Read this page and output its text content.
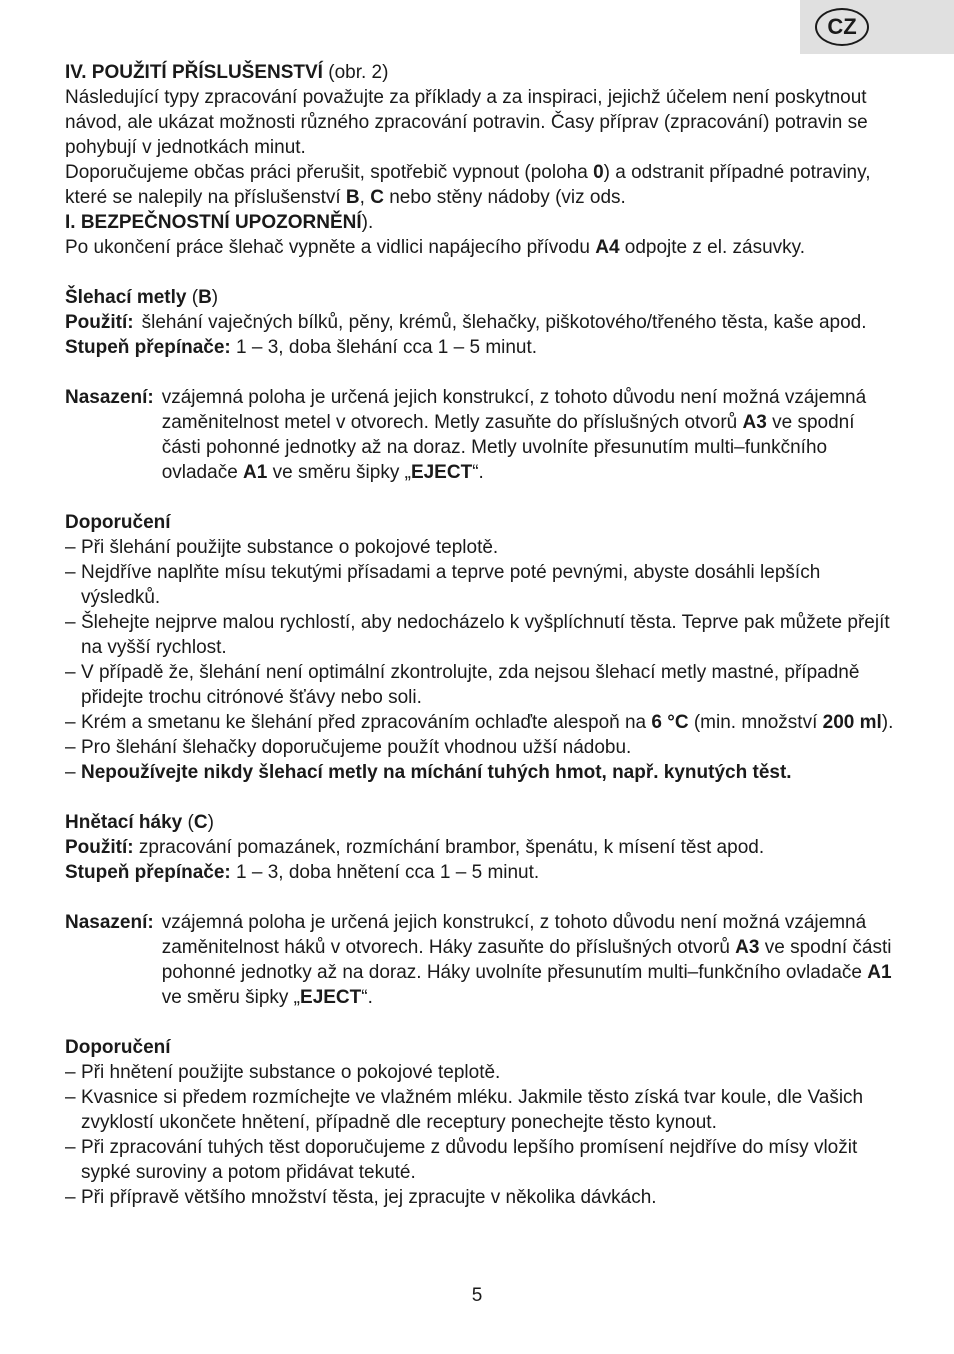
CZ

IV. POUŽITÍ PŘÍSLUŠENSTVÍ (obr. 2)

Následující typy zpracování považujte za příklady a za inspiraci, jejichž účelem není poskytnout návod, ale ukázat možnosti různého zpracování potravin. Časy příprav (zpracování) potravin se pohybují v jednotkách minut.

Doporučujeme občas práci přerušit, spotřebič vypnout (poloha 0) a odstranit případné potraviny, které se nalepily na příslušenství B, C nebo stěny nádoby (viz ods.
I. BEZPEČNOSTNÍ UPOZORNĚNÍ).

Po ukončení práce šlehač vypněte a vidlici napájecího přívodu A4 odpojte z el. zásuvky.

Šlehací metly (B)

Použití: šlehání vaječných bílků, pěny, krémů, šlehačky, piškotového/třeného těsta, kaše apod.

Stupeň přepínače: 1 – 3, doba šlehání cca 1 – 5 minut.

Nasazení: vzájemná poloha je určená jejich konstrukcí, z tohoto důvodu není možná vzájemná zaměnitelnost metel v otvorech. Metly zasuňte do příslušných otvorů A3 ve spodní části pohonné jednotky až na doraz. Metly uvolníte přesunutím multi–funkčního ovladače A1 ve směru šipky „EJECT“.

Doporučení

– Při šlehání použijte substance o pokojové teplotě.
– Nejdříve naplňte mísu tekutými přísadami a teprve poté pevnými, abyste dosáhli lepších výsledků.
– Šlehejte nejprve malou rychlostí, aby nedocházelo k vyšplíchnutí těsta. Teprve pak můžete přejít na vyšší rychlost.
– V případě že, šlehání není optimální zkontrolujte, zda nejsou šlehací metly mastné, případně přidejte trochu citrónové šťávy nebo soli.
– Krém a smetanu ke šlehání před zpracováním ochlaďte alespoň na 6 °C (min. množství 200 ml).
– Pro šlehání šlehačky doporučujeme použít vhodnou užší nádobu.
– Nepoužívejte nikdy šlehací metly na míchání tuhých hmot, např. kynutých těst.

Hnětací háky (C)

Použití: zpracování pomazánek, rozmíchání brambor, špenátu, k mísení těst apod.

Stupeň přepínače: 1 – 3, doba hnětení cca 1 – 5 minut.

Nasazení: vzájemná poloha je určená jejich konstrukcí, z tohoto důvodu není možná vzájemná zaměnitelnost háků v otvorech. Háky zasuňte do příslušných otvorů A3 ve spodní části pohonné jednotky až na doraz. Háky uvolníte přesunutím multi–funkčního ovladače A1 ve směru šipky „EJECT“.

Doporučení

– Při hnětení použijte substance o pokojové teplotě.
– Kvasnice si předem rozmíchejte ve vlažném mléku. Jakmile těsto získá tvar koule, dle Vašich zvyklostí ukončete hnětení, případně dle receptury ponechejte těsto kynout.
– Při zpracování tuhých těst doporučujeme z důvodu lepšího promísení nejdříve do mísy vložit sypké suroviny a potom přidávat tekuté.
– Při přípravě většího množství těsta, jej zpracujte v několika dávkách.
5
